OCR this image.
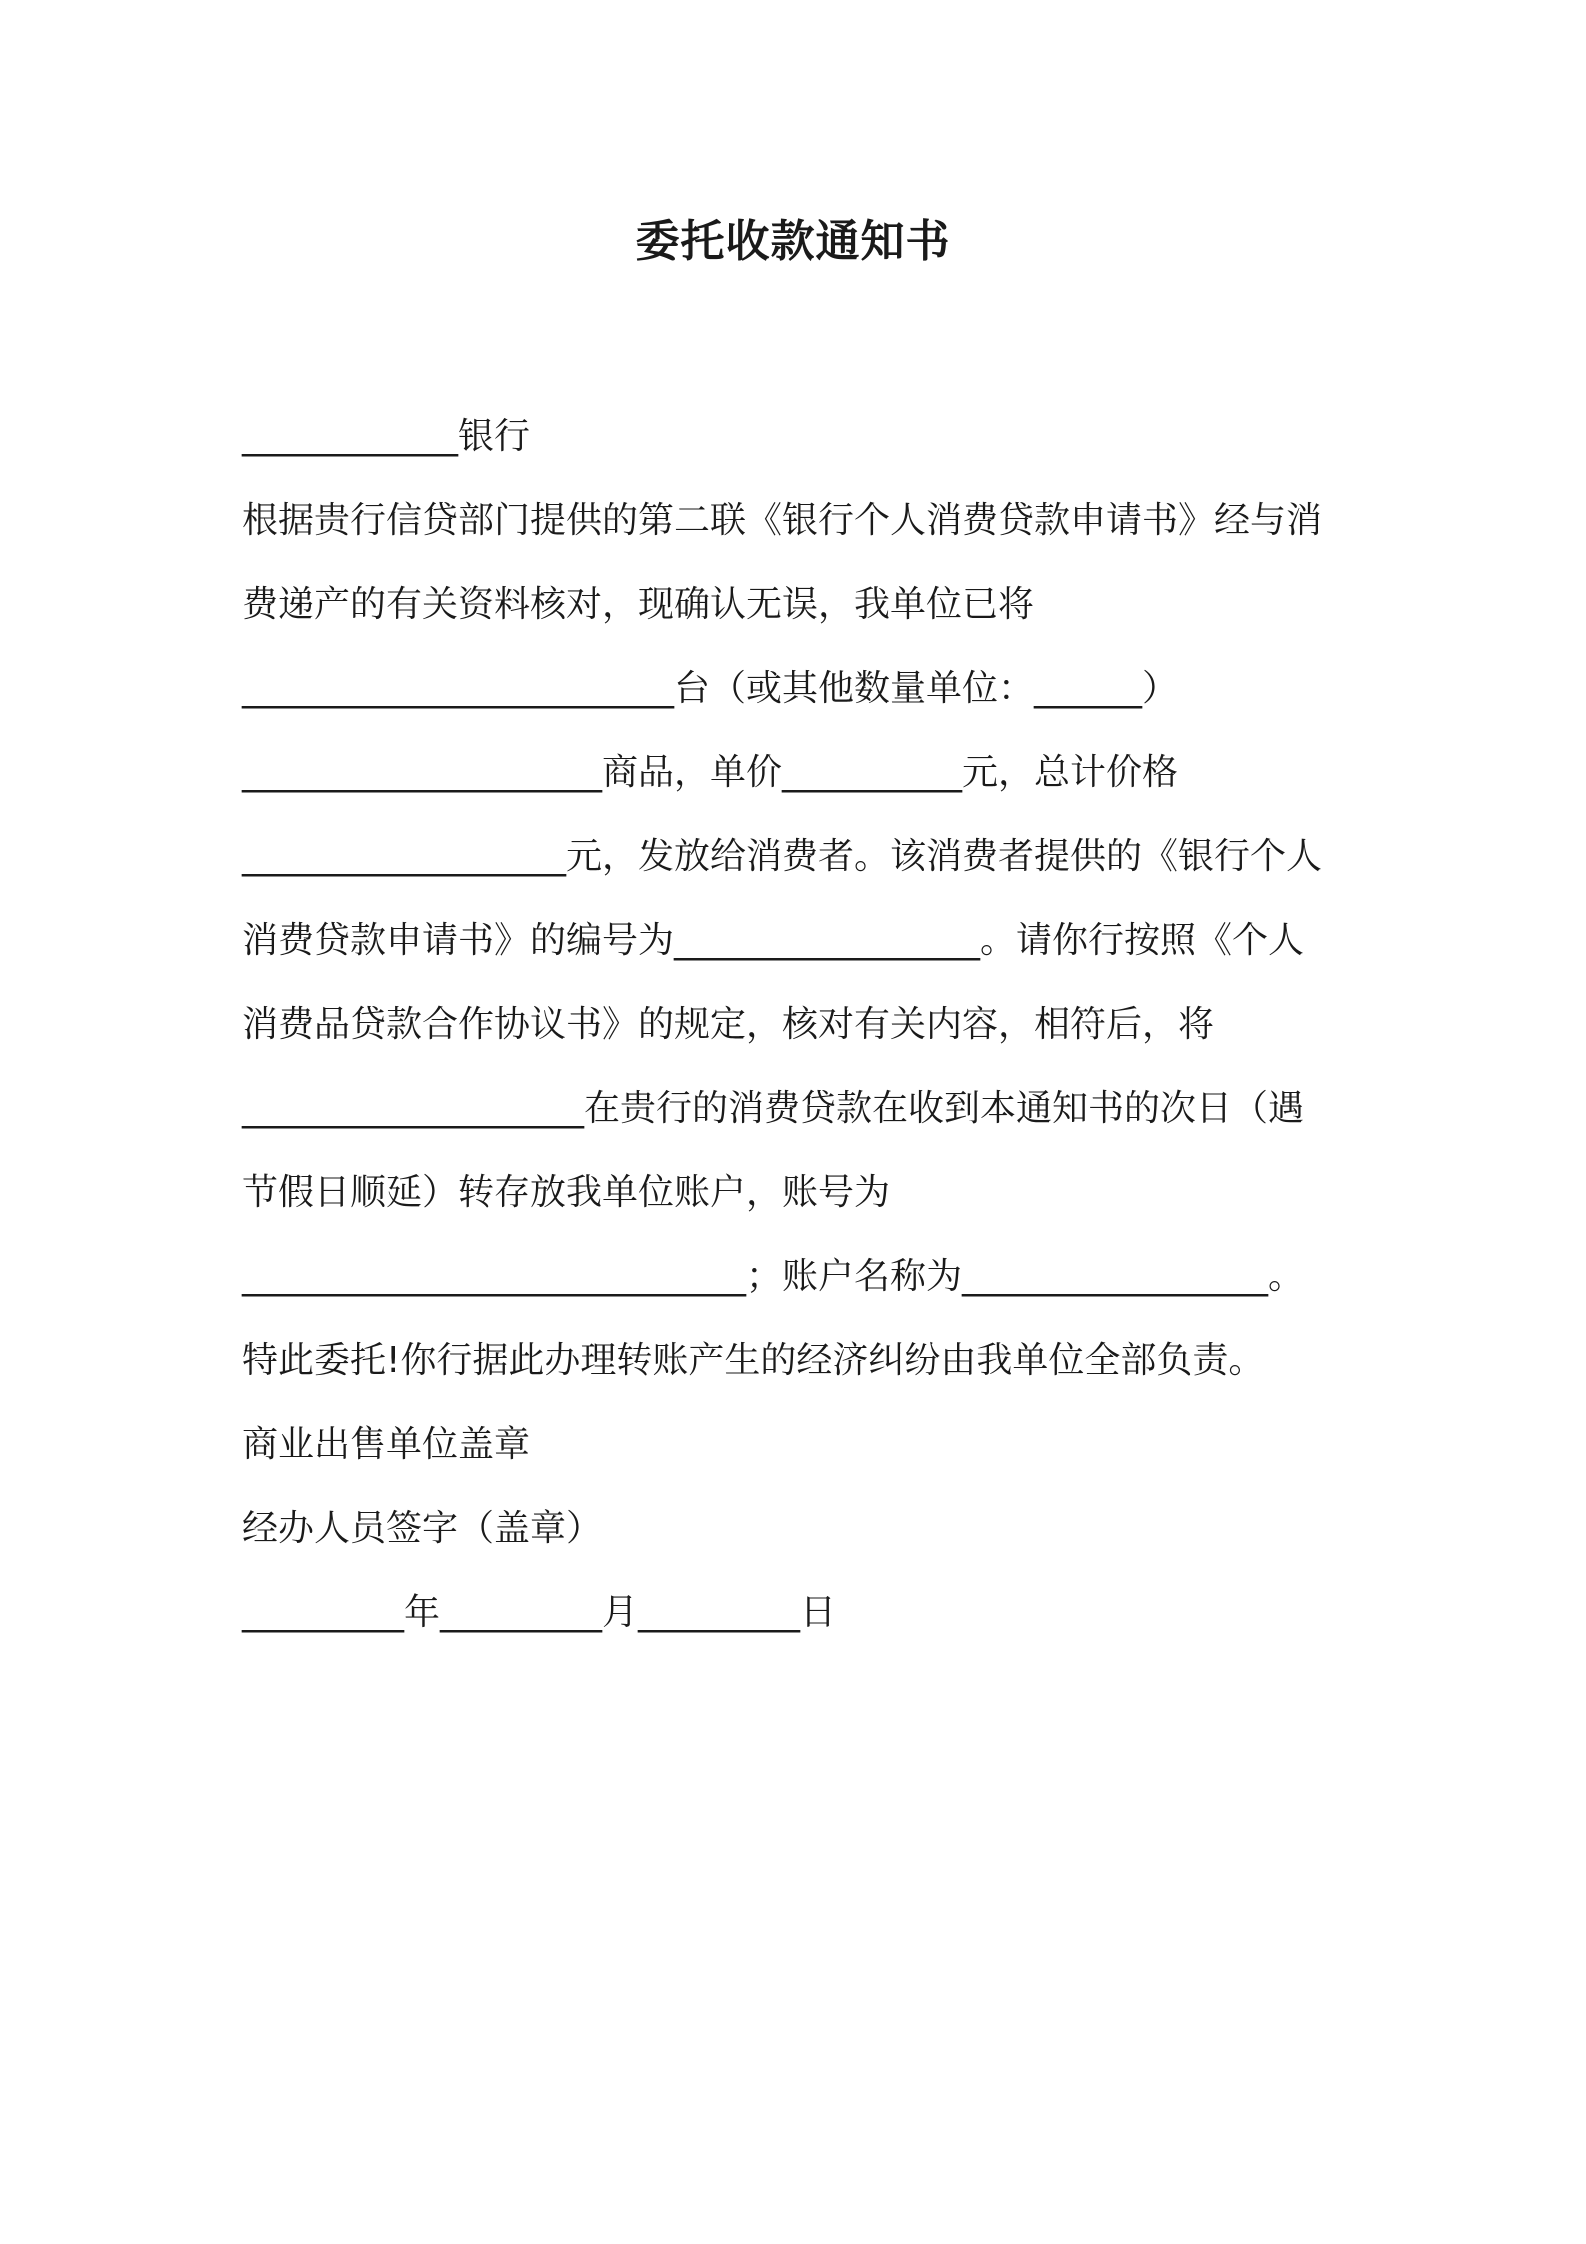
委托收款通知书
____________银行
根据贵行信贷部门提供的第二联《银行个人消费贷款申请书》经与消
费递产的有关资料核对，现确认无误，我单位已将
________________________台（或其他数量单位：______）
____________________商品，单价__________元，总计价格
__________________元，发放给消费者。该消费者提供的《银行个人
消费贷款申请书》的编号为_________________。请你行按照《个人
消费品贷款合作协议书》的规定，核对有关内容，相符后，将
___________________在贵行的消费贷款在收到本通知书的次日（遇
节假日顺延）转存放我单位账户，账号为
____________________________；账户名称为_________________。
特此委托!你行据此办理转账产生的经济纠纷由我单位全部负责。
商业出售单位盖章
经办人员签字（盖章）
_________年_________月_________日
